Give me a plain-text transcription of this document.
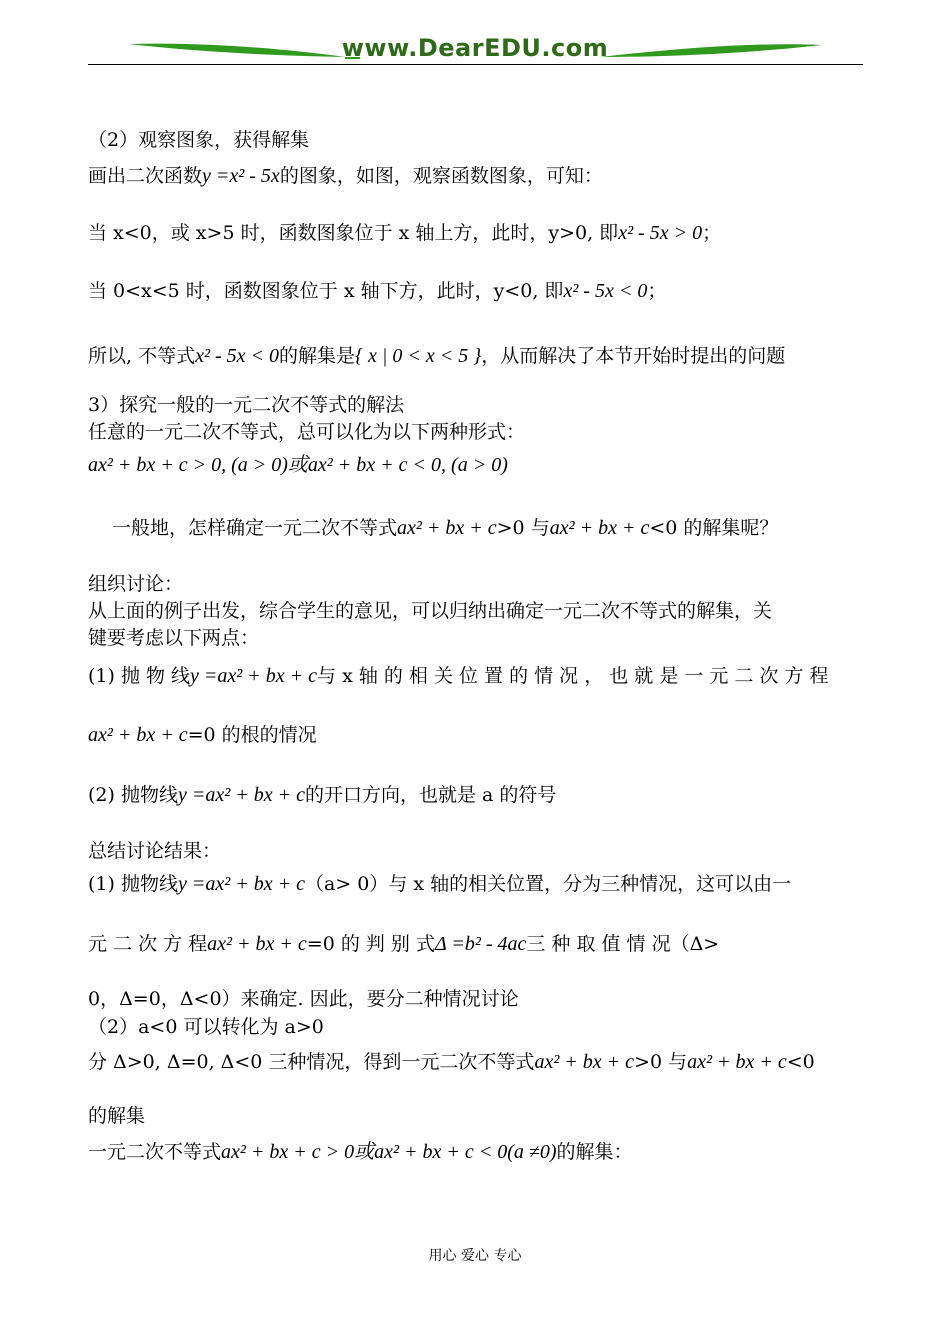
www.DearEDU.com
（2）观察图象，获得解集
画出二次函数y =x² - 5x的图象，如图，观察函数图象，可知：
当 x<0，或 x>5 时，函数图象位于 x 轴上方，此时，y>0, 即x² - 5x > 0；
当 0<x<5 时，函数图象位于 x 轴下方，此时，y<0, 即x² - 5x < 0；
所以, 不等式x² - 5x < 0的解集是{ x | 0 < x < 5 }，从而解决了本节开始时提出的问题
3）探究一般的一元二次不等式的解法
任意的一元二次不等式，总可以化为以下两种形式：
ax² + bx + c > 0, (a > 0)或ax² + bx + c < 0, (a > 0)
一般地，怎样确定一元二次不等式ax² + bx + c>0 与ax² + bx + c<0 的解集呢？
组织讨论：
从上面的例子出发，综合学生的意见，可以归纳出确定一元二次不等式的解集，关
键要考虑以下两点：
(1) 抛 物 线y =ax² + bx + c与 x 轴 的 相 关 位 置 的 情 况 ， 也 就 是 一 元 二 次 方 程
ax² + bx + c=0 的根的情况
(2) 抛物线y =ax² + bx + c的开口方向，也就是 a 的符号
总结讨论结果：
(1) 抛物线y =ax² + bx + c（a> 0）与 x 轴的相关位置，分为三种情况，这可以由一
元 二 次 方 程ax² + bx + c=0 的 判 别 式Δ =b² - 4ac三 种 取 值 情 况（Δ>
0，Δ=0，Δ<0）来确定. 因此，要分二种情况讨论
（2）a<0 可以转化为 a>0
分 Δ>0, Δ=0, Δ<0 三种情况，得到一元二次不等式ax² + bx + c>0 与ax² + bx + c<0
的解集
一元二次不等式ax² + bx + c > 0或ax² + bx + c < 0(a ≠0)的解集：
用心 爱心 专心
